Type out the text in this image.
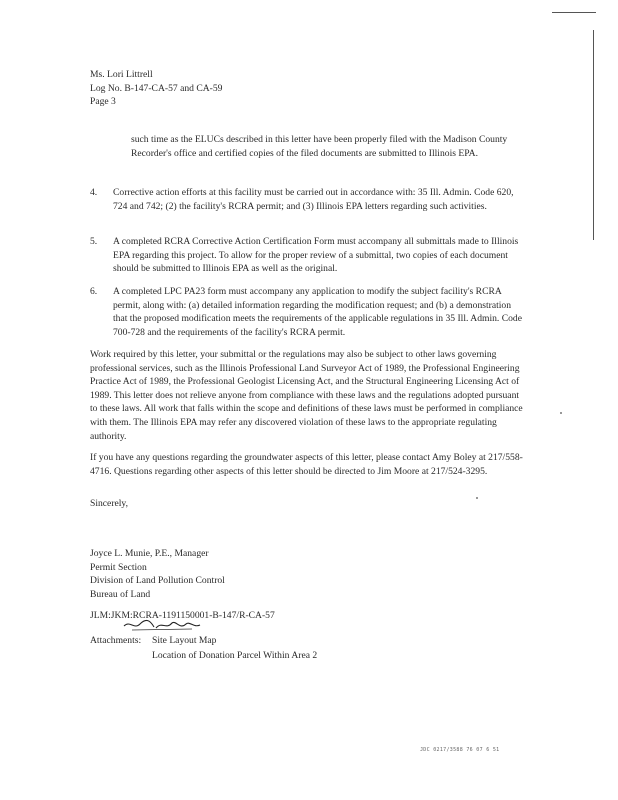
Ms. Lori Littrell
Log No. B-147-CA-57 and CA-59
Page 3

such time as the ELUCs described in this letter have been properly filed with the Madison County Recorder's office and certified copies of the filed documents are submitted to Illinois EPA.

4. Corrective action efforts at this facility must be carried out in accordance with: 35 Ill. Admin. Code 620, 724 and 742; (2) the facility's RCRA permit; and (3) Illinois EPA letters regarding such activities.
5. A completed RCRA Corrective Action Certification Form must accompany all submittals made to Illinois EPA regarding this project. To allow for the proper review of a submittal, two copies of each document should be submitted to Illinois EPA as well as the original.
6. A completed LPC PA23 form must accompany any application to modify the subject facility's RCRA permit, along with: (a) detailed information regarding the modification request; and (b) a demonstration that the proposed modification meets the requirements of the applicable regulations in 35 Ill. Admin. Code 700-728 and the requirements of the facility's RCRA permit.

Work required by this letter, your submittal or the regulations may also be subject to other laws governing professional services, such as the Illinois Professional Land Surveyor Act of 1989, the Professional Engineering Practice Act of 1989, the Professional Geologist Licensing Act, and the Structural Engineering Licensing Act of 1989. This letter does not relieve anyone from compliance with these laws and the regulations adopted pursuant to these laws. All work that falls within the scope and definitions of these laws must be performed in compliance with them. The Illinois EPA may refer any discovered violation of these laws to the appropriate regulating authority.

If you have any questions regarding the groundwater aspects of this letter, please contact Amy Boley at 217/558-4716. Questions regarding other aspects of this letter should be directed to Jim Moore at 217/524-3295.

Sincerely,

Joyce L. Munie, P.E., Manager
Permit Section
Division of Land Pollution Control
Bureau of Land
JLM:JKM:RCRA-1191150001-B-147/R-CA-57
Attachments: Site Layout Map
Location of Donation Parcel Within Area 2
JDC 0217/3588 76 07 6 51
